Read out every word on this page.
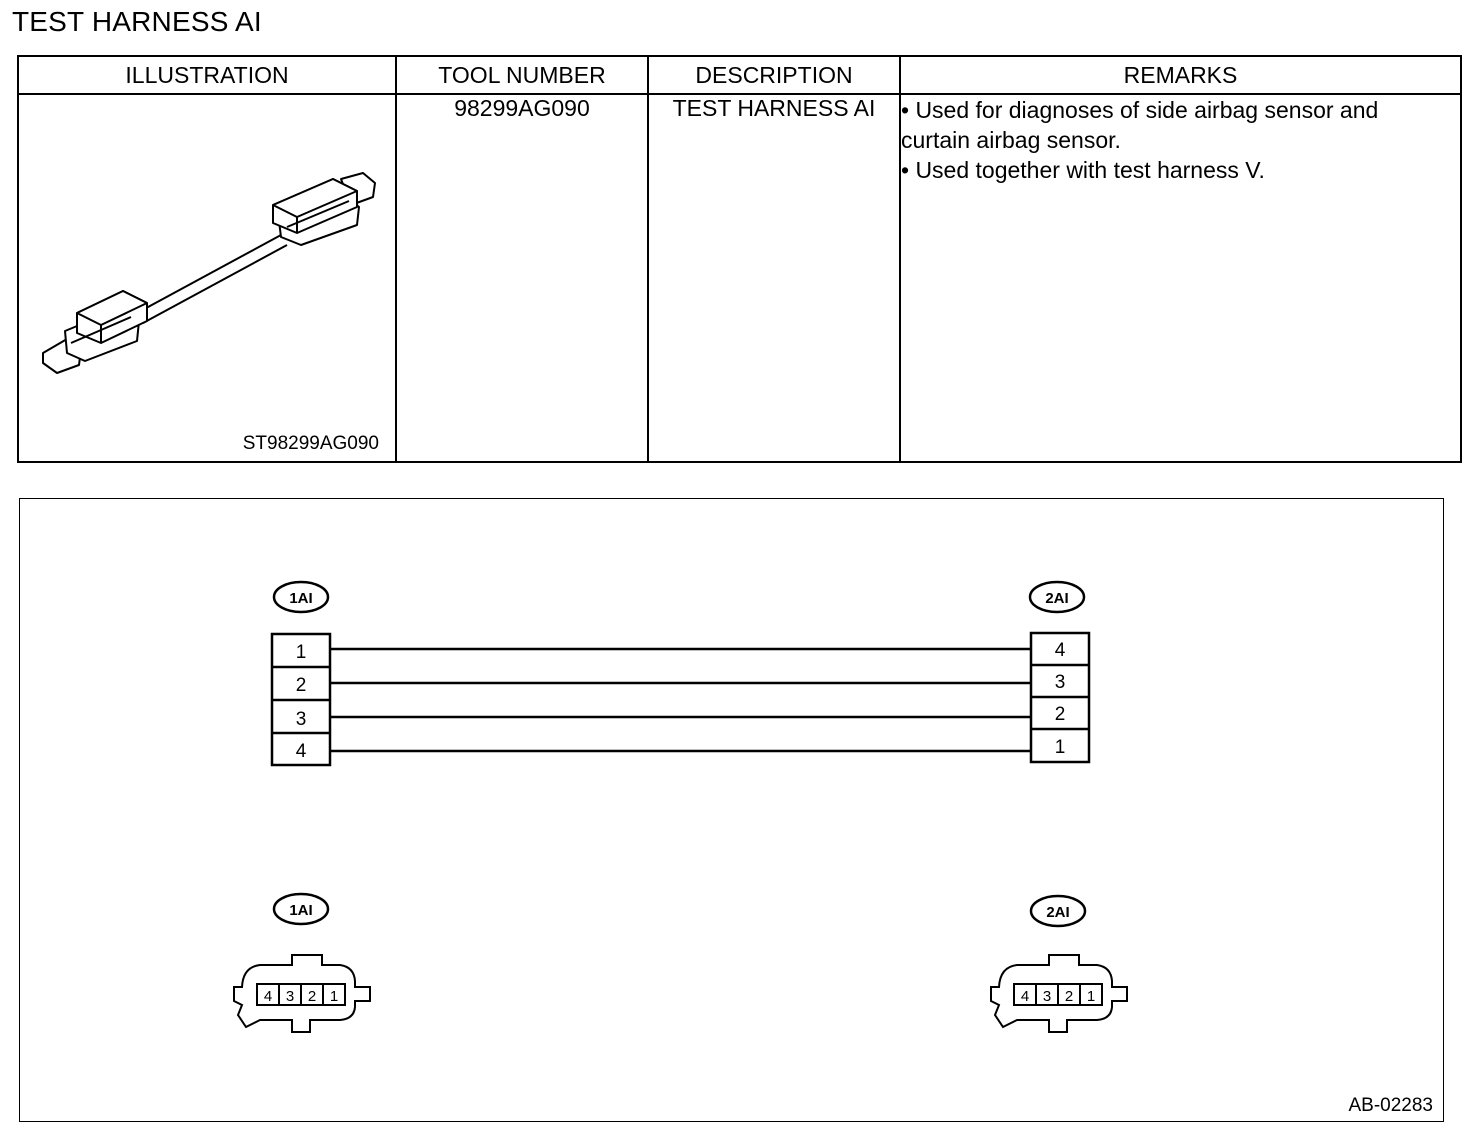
TEST HARNESS AI
ILLUSTRATION	TOOL NUMBER	DESCRIPTION	REMARKS

ST98299AG090	98299AG090	TEST HARNESS AI	• Used for diagnoses of side airbag sensor and
curtain airbag sensor.
• Used together with test harness V.
1AI	2AI
1
2
3
4
4
3
2
1
1AI	2AI
4 3 2 1	4 3 2 1
AB-02283
